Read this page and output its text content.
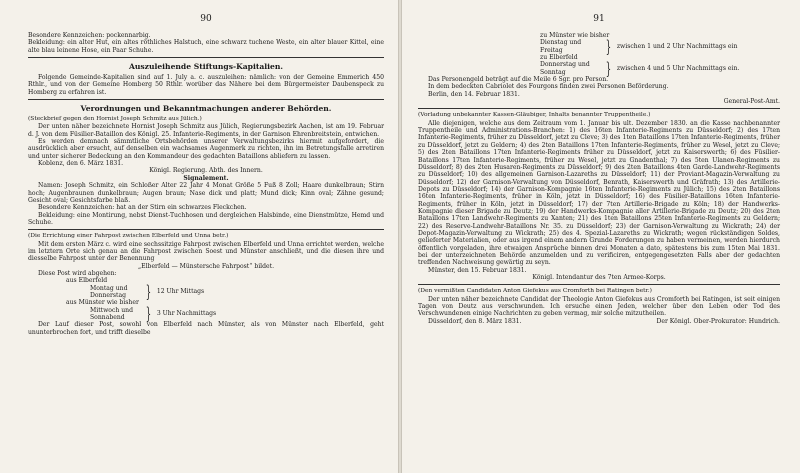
90

Besondere Kennzeichen: pockennarbig.

Bekleidung: ein alter Hut, ein altes röthliches Halstuch, eine schwarz tuchene Weste, ein alter blauer Kittel, eine alte blau leinene Hose, ein Paar Schuhe.

Auszuleihende Stiftungs-Kapitalien.

Folgende Gemeinde-Kapitalien sind auf 1. July a. c. auszuleihen: nämlich: von der Gemeine Emmerich 450 Rthlr., und von der Gemeine Homberg 50 Rthlr. worüber das Nähere bei dem Bürgermeister Daubenspeck zu Homberg zu erfahren ist.

Verordnungen und Bekanntmachungen anderer Behörden.

(Steckbrief gegen den Hornist Joseph Schmitz aus Jülich.)

Der unten näher bezeichnete Hornist Joseph Schmitz aus Jülich, Regierungsbezirk Aachen, ist am 19. Februar d. J. von dem Füsilier-Bataillon des Königl. 25. Infanterie-Regiments, in der Garnison Ehrenbreitstein, entwichen.

Es werden demnach sämmtliche Ortsbehörden unserer Verwaltungsbezirks hiermit aufgefordert, die ausdrücklich aber ersucht, auf denselben ein wachsames Augenmerk zu richten, ihn im Betretungsfalle arretiren und unter sicherer Bedeckung an den Kommandeur des gedachten Bataillons abliefern zu lassen.

Koblenz, den 6. März 1831.

Königl. Regierung. Abth. des Innern.

Signalement.

Namen: Joseph Schmitz, ein Schloßer Alter 22 Jahr 4 Monat Größe 5 Fuß 8 Zoll; Haare dunkelbraun; Stirn hoch; Augenbraunen dunkelbraun; Augen braun; Nase dick und platt; Mund dick; Kinn oval; Zähne gesund; Gesicht oval; Gesichtsfarbe blaß.

Besondere Kennzeichen: hat an der Stirn ein schwarzes Fleckchen.

Bekleidung: eine Montirung, nebst Dienst-Tuchhosen und dergleichen Halsbinde, eine Dienstmütze, Hemd und Schuhe.

(Die Errichtung einer Fahrpost zwischen Elberfeld und Unna betr.)

Mit dem ersten März c. wird eine sechssitzige Fahrpost zwischen Elberfeld und Unna errichtet werden, welche im letztern Orte sich genau an die Fahrpost zwischen Soest und Münster anschließt, und die diesen ihre und diesselbe Fahrpost unter der Benennung

„Elberfeld — Münstersche Fahrpost“ bildet.

Diese Post wird abgehen:

aus Elberfeld
Montag und
Donnerstag	} 12 Uhr Mittags
aus Münster wie bisher
Mittwoch und
Sonnabend	} 3 Uhr Nachmittags

Der Lauf dieser Post, sowohl von Elberfeld nach Münster, als von Münster nach Elberfeld, geht ununterbrochen fort, und trifft dieselbe

91
zu Münster wie bisher
Dienstag und
Freitag	} zwischen 1 und 2 Uhr Nachmittags ein
zu Elberfeld
Donnerstag und
Sonntag	} zwischen 4 und 5 Uhr Nachmittags ein.

Das Personengeld beträgt auf die Meile 6 Sgr. pro Person.

In dem bedeckten Cabriolet des Fourgons finden zwei Personen Beförderung.

Berlin, den 14. Februar 1831.

General-Post-Amt.

(Vorladung unbekannter Kassen-Gläubiger, Inhalts benannter Truppentheile.)

Alle diejenigen, welche aus dem Zeitraum vom 1. Januar bis ult. Dezember 1830. an die Kasse nachbenannter Truppentheile und Administrations-Branchen: 1) des 16ten Infanterie-Regiments zu Düsseldorf; 2) des 17ten Infanterie-Regiments, früher zu Düsseldorf, jetzt zu Cleve; 3) des 1ten Bataillons 17ten Infanterie-Regiments, früher zu Düsseldorf, jetzt zu Geldern; 4) des 2ten Bataillons 17ten Infanterie-Regiments, früher zu Wesel, jetzt zu Cleve; 5) des 2ten Bataillons 17ten Infanterie-Regiments früher zu Düsseldorf, jetzt zu Kaiserswerth; 6) des Füsilier-Bataillons 17ten Infanterie-Regiments, früher zu Wesel, jetzt zu Gnadenthal; 7) des 5ten Ulanen-Regiments zu Düsseldorf; 8) des 2ten Husaren-Regiments zu Düsseldorf; 9) des 2ten Bataillons 4ten Garde-Landwehr-Regiments zu Düsseldorf; 10) des allgemeinen Garnison-Lazareths zu Düsseldorf; 11) der Proviant-Magazin-Verwaltung zu Düsseldorf; 12) der Garnison-Verwaltung von Düsseldorf, Benrath, Kaiserswerth und Gräfrath; 13) des Artillerie-Depots zu Düsseldorf; 14) der Garnison-Kompagnie 16ten Infanterie-Regiments zu Jülich; 15) des 2ten Bataillons 16ten Infanterie-Regiments, früher in Köln, jetzt in Düsseldorf; 16) des Füsilier-Bataillons 16ten Infanterie-Regiments, früher in Köln, jetzt in Düsseldorf; 17) der 7ten Artillerie-Brigade zu Köln; 18) der Handwerks-Kompagnie dieser Brigade zu Deutz; 19) der Handwerks-Kompagnie aller Artillerie-Brigade zu Deutz; 20) des 2ten Bataillons 17ten Landwehr-Regiments zu Xanten; 21) des 1ten Bataillons 25ten Infanterie-Regiments zu Geldern; 22) des Reserve-Landwehr-Bataillons Nr. 35. zu Düsseldorf; 23) der Garnison-Verwaltung zu Wickrath; 24) der Depot-Magazin-Verwaltung zu Wickrath; 25) des 4. Spezial-Lazareths zu Wickrath; wegen rückständigen Soldes, gelieferter Materialien, oder aus irgend einem andern Grunde Forderungen zu haben vermeinen, werden hierdurch öffentlich vorgeladen, ihre etwaigen Ansprüche binnen drei Monaten a dato, spätestens bis zum 15ten Mai 1831. bei der unterzeichneten Behörde anzumelden und zu verificiren, entgegengesetzten Falls aber der gedachten treffenden Nachweisung gewärtig zu seyn.

Münster, den 15. Februar 1831.

Königl. Intendantur des 7ten Armee-Korps.

(Den vermißten Candidaten Anton Giefekus aus Cromforth bei Ratingen betr.)

Der unten näher bezeichnete Candidat der Theologie Anton Giefekus aus Cromforth bei Ratingen, ist seit einigen Tagen von Deutz aus verschwunden. Ich ersuche einen Jeden, welcher über den Leben oder Tod des Verschwundenen einige Nachrichten zu geben vermag, mir solche mitzutheilen.

Düsseldorf, den 8. März 1831.	Der Königl. Ober-Prokurator: Hundrich.
